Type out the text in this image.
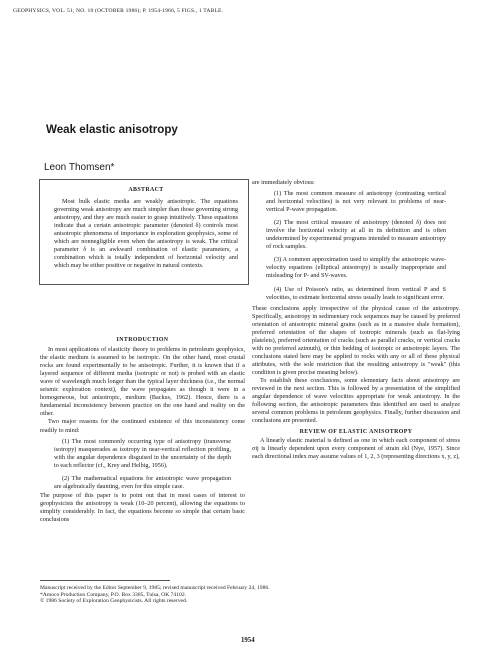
GEOPHYSICS, VOL. 51, NO. 10 (OCTOBER 1986); P. 1954-1966, 5 FIGS., 1 TABLE.
Weak elastic anisotropy
Leon Thomsen*
ABSTRACT

Most bulk elastic media are weakly anisotropic. The equations governing weak anisotropy are much simpler than those governing strong anisotropy, and they are much easier to grasp intuitively. These equations indicate that a certain anisotropic parameter (denoted δ) controls most anisotropic phenomena of importance in exploration geophysics, some of which are nonnegligible even when the anisotropy is weak. The critical parameter δ is an awkward combination of elastic parameters, a combination which is totally independent of horizontal velocity and which may be either positive or negative in natural contexts.

INTRODUCTION

In most applications of elasticity theory to problems in petroleum geophysics, the elastic medium is assumed to be isotropic. On the other hand, most crustal rocks are found experimentally to be anisotropic. Further, it is known that if a layered sequence of different media (isotropic or not) is probed with an elastic wave of wavelength much longer than the typical layer thickness (i.e., the normal seismic exploration context), the wave propagates as though it were in a homogeneous, but anisotropic, medium (Backus, 1962). Hence, there is a fundamental inconsistency between practice on the one hand and reality on the other.

Two major reasons for the continued existence of this inconsistency come readily to mind:

(1) The most commonly occurring type of anisotropy (transverse isotropy) masquerades as isotropy in near-vertical reflection profiling, with the angular dependence disguised in the uncertainty of the depth to each reflector (cf., Krey and Helbig, 1956).

(2) The mathematical equations for anisotropic wave propagation are algebraically daunting, even for this simple case.

The purpose of this paper is to point out that in most cases of interest to geophysicists the anisotropy is weak (10–20 percent), allowing the equations to simplify considerably. In fact, the equations become so simple that certain basic conclusions

are immediately obvious:

(1) The most common measure of anisotropy (contrasting vertical and horizontal velocities) is not very relevant to problems of near-vertical P-wave propagation.

(2) The most critical measure of anisotropy (denoted δ) does not involve the horizontal velocity at all in its definition and is often undetermined by experimental programs intended to measure anisotropy of rock samples.

(3) A common approximation used to simplify the anisotropic wave-velocity equations (elliptical anisotropy) is usually inappropriate and misleading for P- and SV-waves.

(4) Use of Poisson's ratio, as determined from vertical P and S velocities, to estimate horizontal stress usually leads to significant error.

These conclusions apply irrespective of the physical cause of the anisotropy. Specifically, anisotropy in sedimentary rock sequences may be caused by preferred orientation of anisotropic mineral grains (such as in a massive shale formation), preferred orientation of the shapes of isotropic minerals (such as flat-lying platelets), preferred orientation of cracks (such as parallel cracks, or vertical cracks with no preferred azimuth), or thin bedding of isotropic or anisotropic layers. The conclusions stated here may be applied to rocks with any or all of these physical attributes, with the sole restriction that the resulting anisotropy is "weak" (this condition is given precise meaning below).

To establish these conclusions, some elementary facts about anisotropy are reviewed in the next section. This is followed by a presentation of the simplified angular dependence of wave velocities appropriate for weak anisotropy. In the following section, the anisotropic parameters thus identified are used to analyze several common problems in petroleum geophysics. Finally, further discussion and conclusions are presented.

REVIEW OF ELASTIC ANISOTROPY

A linearly elastic material is defined as one in which each component of stress σij is linearly dependent upon every component of strain εkl (Nye, 1957). Since each directional index may assume values of 1, 2, 3 (representing directions x, y, z),

Manuscript received by the Editor September 9, 1985; revised manuscript received February 24, 1986.
*Amoco Production Company, P.O. Box 3385, Tulsa, OK 74102.
© 1986 Society of Exploration Geophysicists. All rights reserved.
1954
